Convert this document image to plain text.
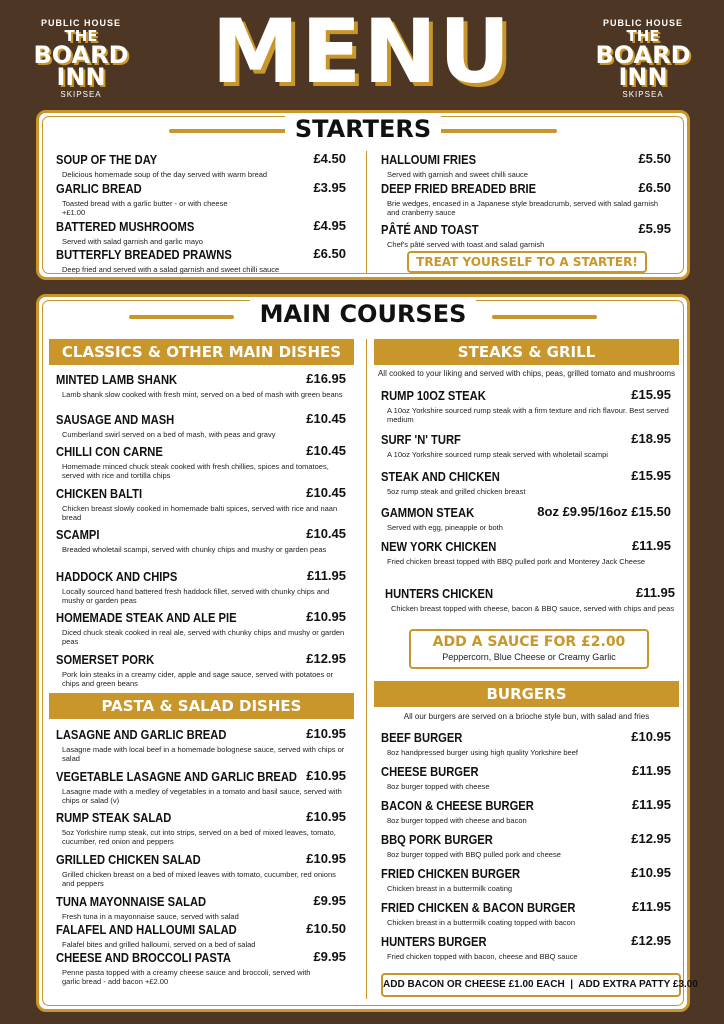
PUBLIC HOUSE
THE
BOARD
INN
SKIPSEA	MENU	PUBLIC HOUSE
THE
BOARD
INN
SKIPSEA
STARTERS
SOUP OF THE DAY	£4.50
Delicious homemade soup of the day served with warm bread
GARLIC BREAD	£3.95
Toasted bread with a garlic butter - or with cheese +£1.00
BATTERED MUSHROOMS	£4.95
Served with salad garnish and garlic mayo
BUTTERFLY BREADED PRAWNS	£6.50
Deep fried and served with a salad garnish and sweet chilli sauce
HALLOUMI FRIES	£5.50
Served with garnish and sweet chilli sauce
DEEP FRIED BREADED BRIE	£6.50
Brie wedges, encased in a Japanese style breadcrumb, served with salad garnish and cranberry sauce
PÂTÉ AND TOAST	£5.95
Chef's pâté served with toast and salad garnish
TREAT YOURSELF TO A STARTER!
MAIN COURSES
CLASSICS & OTHER MAIN DISHES
MINTED LAMB SHANK	£16.95
Lamb shank slow cooked with fresh mint, served on a bed of mash with green beans
SAUSAGE AND MASH	£10.45
Cumberland swirl served on a bed of mash, with peas and gravy
CHILLI CON CARNE	£10.45
Homemade minced chuck steak cooked with fresh chillies, spices and tomatoes, served with rice and tortilla chips
CHICKEN BALTI	£10.45
Chicken breast slowly cooked in homemade balti spices, served with rice and naan bread
SCAMPI	£10.45
Breaded wholetail scampi, served with chunky chips and mushy or garden peas
HADDOCK AND CHIPS	£11.95
Locally sourced hand battered fresh haddock fillet, served with chunky chips and mushy or garden peas
HOMEMADE STEAK AND ALE PIE	£10.95
Diced chuck steak cooked in real ale, served with chunky chips and mushy or garden peas
SOMERSET PORK	£12.95
Pork loin steaks in a creamy cider, apple and sage sauce, served with potatoes or chips and green beans
PASTA & SALAD DISHES
LASAGNE AND GARLIC BREAD	£10.95
Lasagne made with local beef in a homemade bolognese sauce, served with chips or salad
VEGETABLE LASAGNE AND GARLIC BREAD £10.95
Lasagne made with a medley of vegetables in a tomato and basil sauce, served with chips or salad (v)
RUMP STEAK SALAD	£10.95
5oz Yorkshire rump steak, cut into strips, served on a bed of mixed leaves, tomato, cucumber, red onion and peppers
GRILLED CHICKEN SALAD	£10.95
Grilled chicken breast on a bed of mixed leaves with tomato, cucumber, red onions and peppers
TUNA MAYONNAISE SALAD	£9.95
Fresh tuna in a mayonnaise sauce, served with salad
FALAFEL AND HALLOUMI SALAD	£10.50
Falafel bites and grilled halloumi, served on a bed of salad
CHEESE AND BROCCOLI PASTA	£9.95
Penne pasta topped with a creamy cheese sauce and broccoli, served with garlic bread - add bacon +£2.00
STEAKS & GRILL
All cooked to your liking and served with chips, peas, grilled tomato and mushrooms
RUMP 10OZ STEAK	£15.95
A 10oz Yorkshire sourced rump steak with a firm texture and rich flavour. Best served medium
SURF 'N' TURF	£18.95
A 10oz Yorkshire sourced rump steak served with wholetail scampi
STEAK AND CHICKEN	£15.95
5oz rump steak and grilled chicken breast
GAMMON STEAK	8oz £9.95/16oz £15.50
Served with egg, pineapple or both
NEW YORK CHICKEN	£11.95
Fried chicken breast topped with BBQ pulled pork and Monterey Jack Cheese
HUNTERS CHICKEN	£11.95
Chicken breast topped with cheese, bacon & BBQ sauce, served with chips and peas
ADD A SAUCE FOR £2.00
Peppercorn, Blue Cheese or Creamy Garlic
BURGERS
All our burgers are served on a brioche style bun, with salad and fries
BEEF BURGER	£10.95
8oz handpressed burger using high quality Yorkshire beef
CHEESE BURGER	£11.95
8oz burger topped with cheese
BACON & CHEESE BURGER	£11.95
8oz burger topped with cheese and bacon
BBQ PORK BURGER	£12.95
8oz burger topped with BBQ pulled pork and cheese
FRIED CHICKEN BURGER	£10.95
Chicken breast in a buttermilk coating
FRIED CHICKEN & BACON BURGER	£11.95
Chicken breast in a buttermilk coating topped with bacon
HUNTERS BURGER	£12.95
Fried chicken topped with bacon, cheese and BBQ sauce
ADD BACON OR CHEESE £1.00 EACH  |  ADD EXTRA PATTY £3.00
